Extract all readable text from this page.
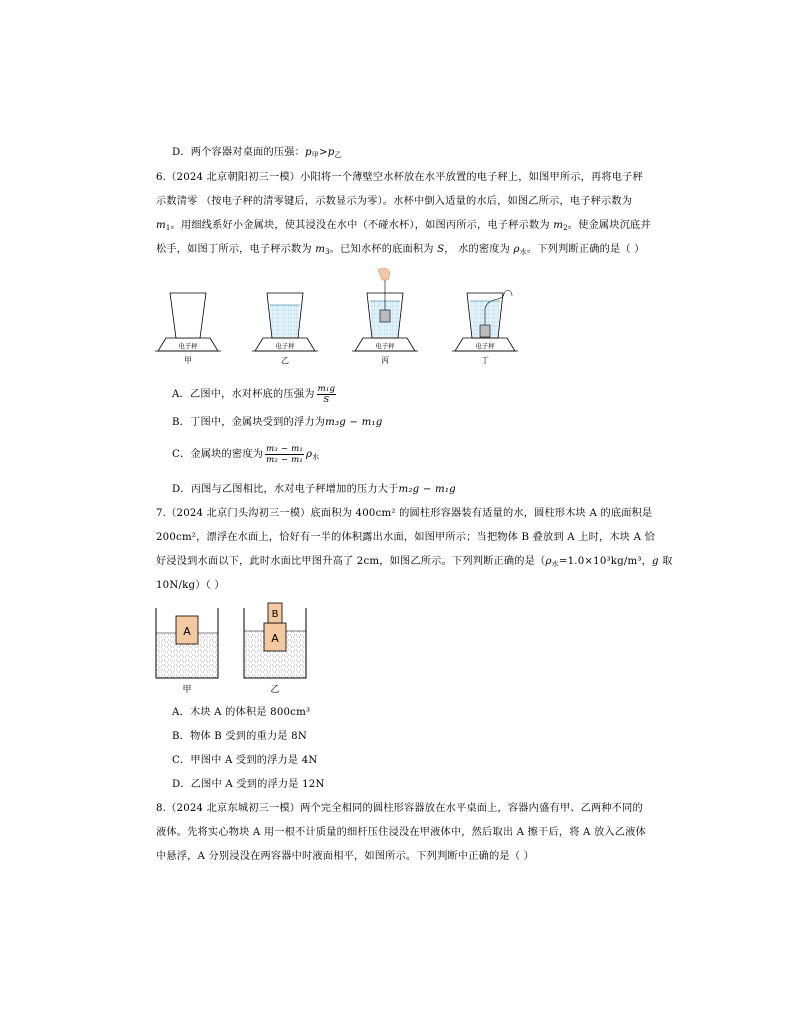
D．两个容器对桌面的压强：$p_甲>p_乙$
6.（2024 北京朝阳初三一模）小阳将一个薄壁空水杯放在水平放置的电子秤上，如图甲所示，再将电子秤
示数清零 （按电子秤的清零键后，示数显示为零）。水杯中倒入适量的水后，如图乙所示，电子秤示数为
$m_1$。用细线系好小金属块，使其浸没在水中（不碰水杯），如图丙所示，电子秤示数为 $m_2$。使金属块沉底并
松手，如图丁所示，电子秤示数为 $m_3$。已知水杯的底面积为 S， 水的密度为 $\rho_水$。下列判断正确的是（ ）
电子秤
甲
电子秤
乙
电子秤
丙
电子秤
丁
A．乙图中，水对杯底的压强为 $\frac{\text{m₁g}}{S}$
B．丁图中，金属块受到的浮力为m₃g − m₁g
C．金属块的密度为 $\frac{\text{m₃ − m₁}}{\text{m₂ − m₁}} \rho_水$
D．丙图与乙图相比，水对电子秤增加的压力大于m₂g − m₁g
7.（2024 北京门头沟初三一模）底面积为 400cm² 的圆柱形容器装有适量的水，圆柱形木块 A 的底面积是
200cm²，漂浮在水面上，恰好有一半的体积露出水面，如图甲所示；当把物体 B 叠放到 A 上时，木块 A 恰
好浸没到水面以下，此时水面比甲图升高了 2cm，如图乙所示。下列判断正确的是（$\rho_水=1.0\times 10^3kg/m^3$，g 取
10N/kg）（ ）
A
甲
A
B
乙
A．木块 A 的体积是 800cm³
B．物体 B 受到的重力是 8N
C．甲图中 A 受到的浮力是 4N
D．乙图中 A 受到的浮力是 12N
8.（2024 北京东城初三一模）两个完全相同的圆柱形容器放在水平桌面上，容器内盛有甲、乙两种不同的
液体。先将实心物块 A 用一根不计质量的细杆压住浸没在甲液体中，然后取出 A 擦干后，将 A 放入乙液体
中悬浮，A 分别浸没在两容器中时液面相平，如图所示。下列判断中正确的是（ ）
